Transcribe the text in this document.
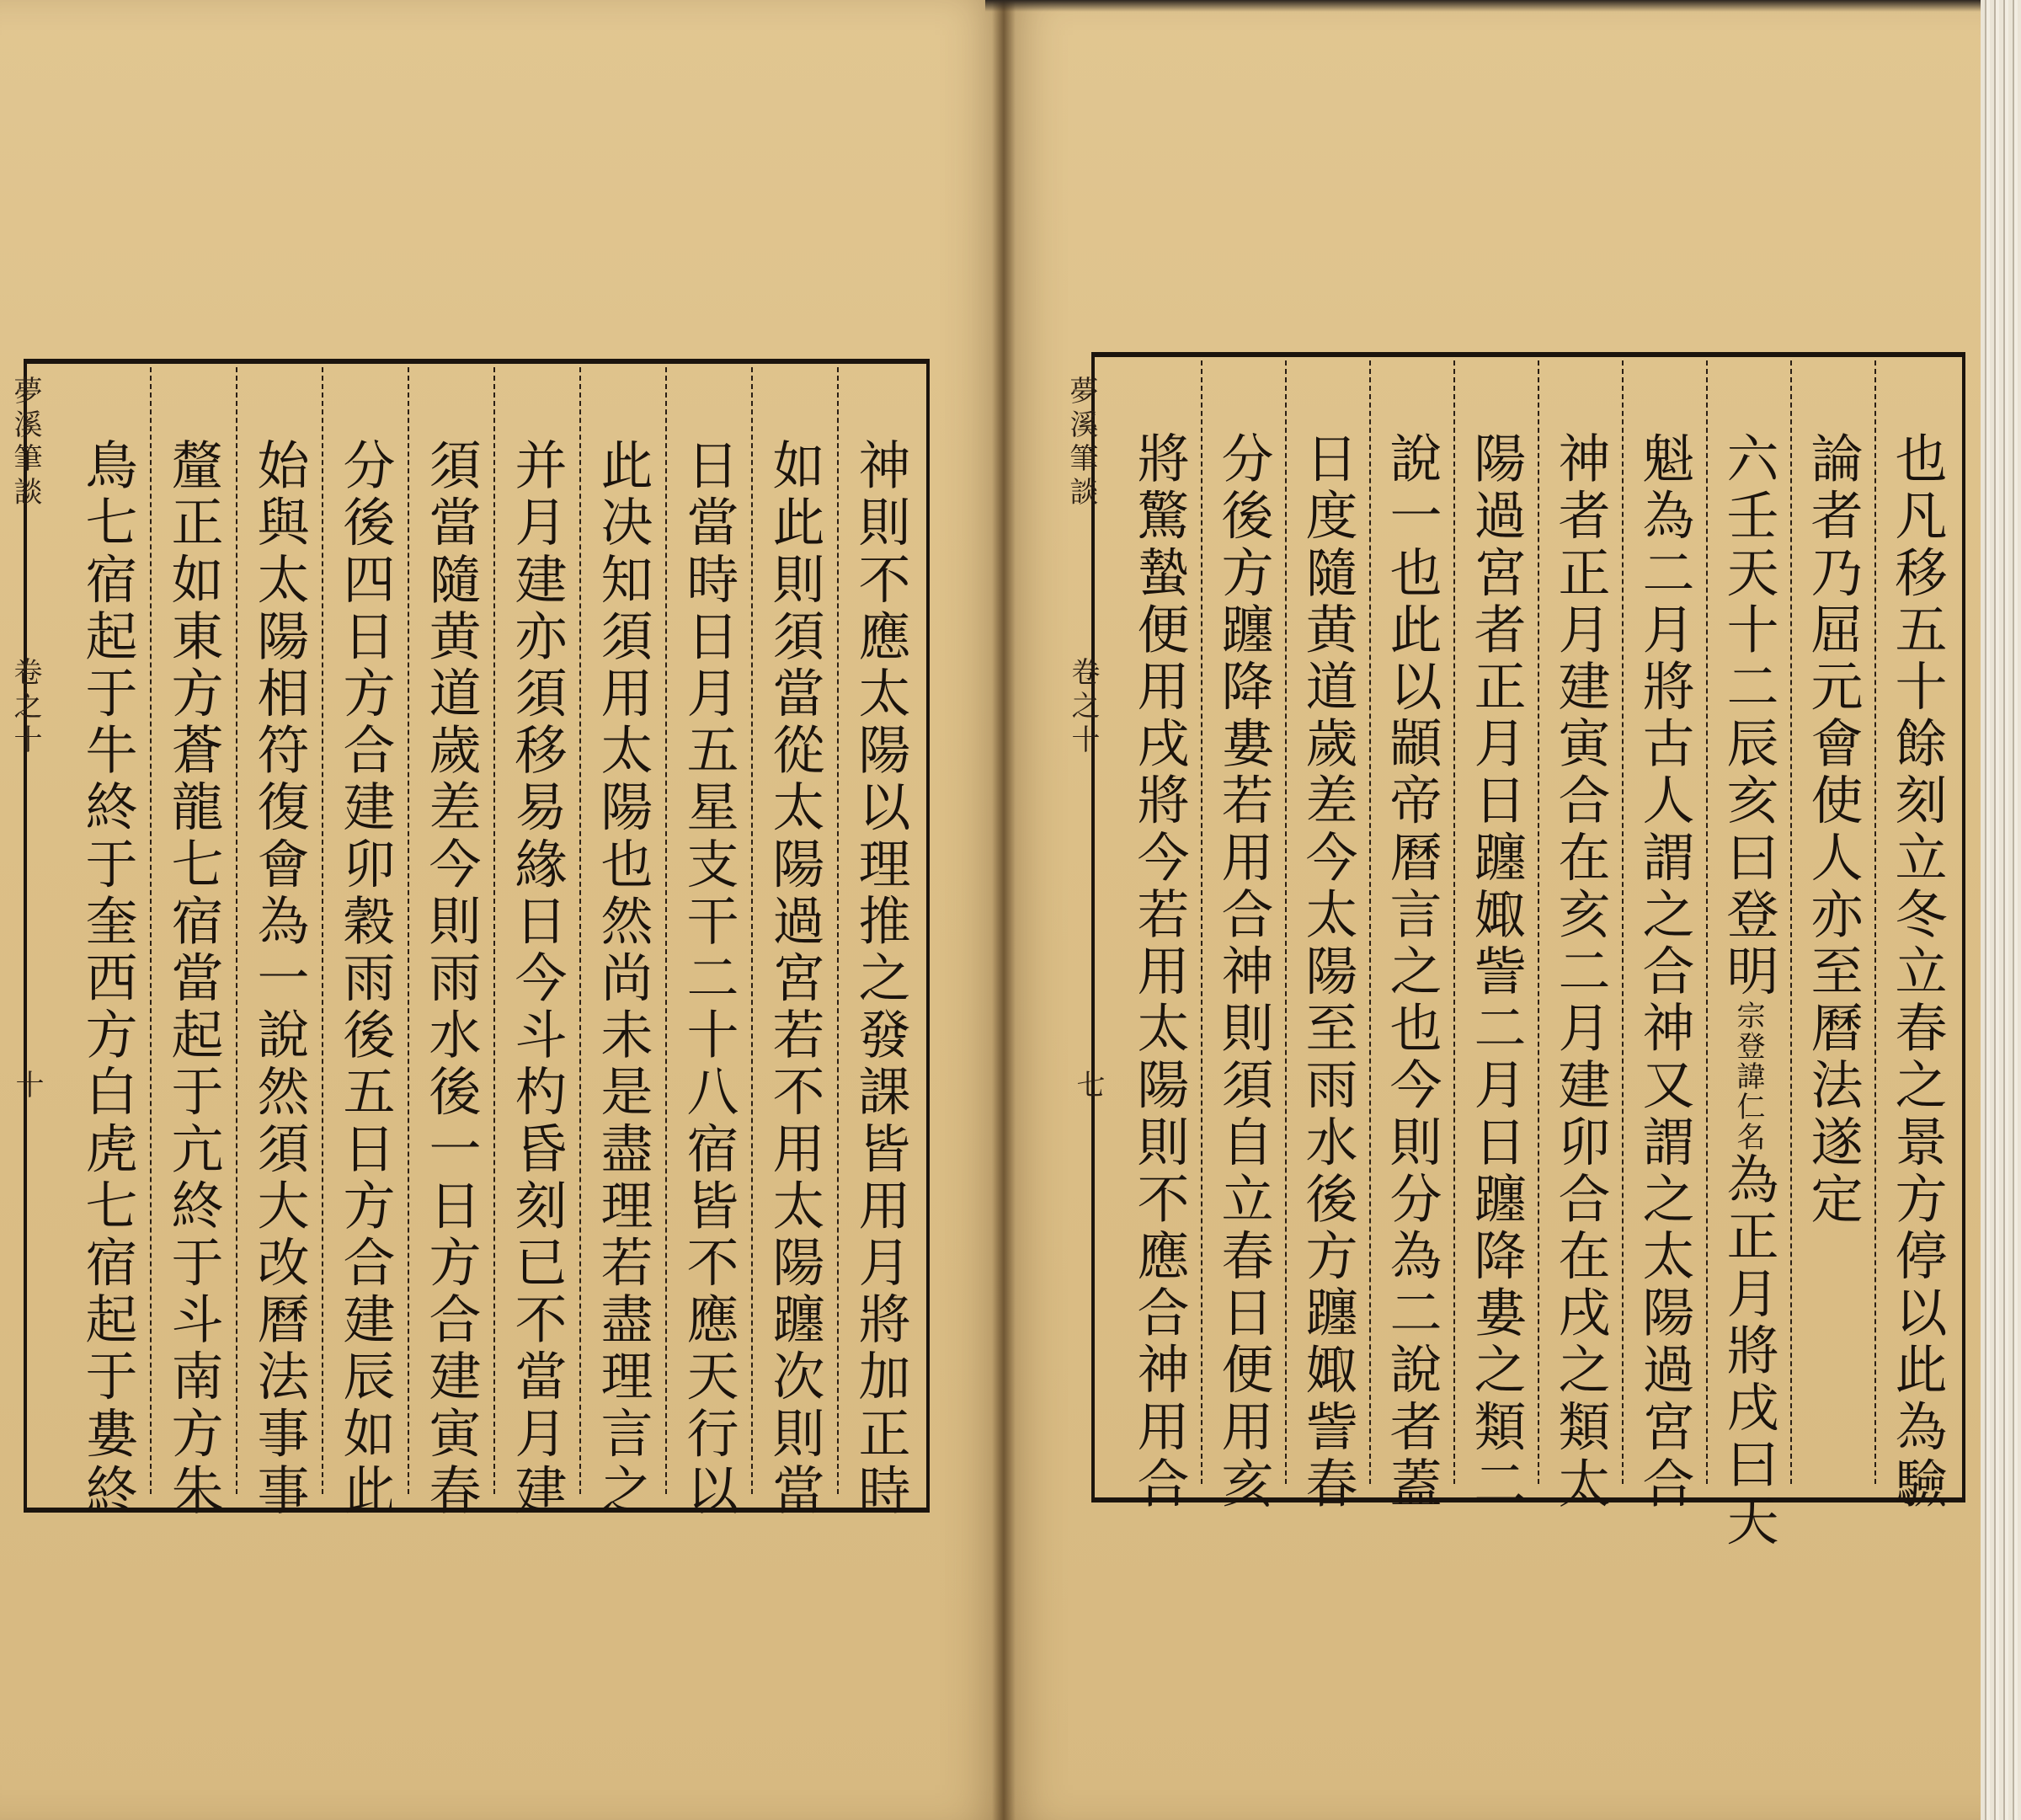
夢溪筆談
卷之十
十	神則不應太陽以理推之發課皆用月將加正時
如此則須當從太陽過宮若不用太陽躔次則當
日當時日月五星支干二十八宿皆不應天行以
此决知須用太陽也然尚未是盡理若盡理言之
并月建亦須移易緣日今斗杓昏刻已不當月建
須當隨黄道歲差今則雨水後一日方合建寅春
分後四日方合建卯穀雨後五日方合建辰如此
始與太陽相符復會為一說然須大改曆法事事
釐正如東方蒼龍七宿當起于亢終于斗南方朱
鳥七宿起于牛終于奎西方白虎七宿起于婁終	夢溪筆談
卷之十
七	也凡移五十餘刻立冬立春之景方停以此為驗
論者乃屈元會使人亦至曆法遂定
六壬天十二辰亥曰登明宗登諱仁名為正月將戌曰天
魁為二月將古人謂之合神又謂之太陽過宮合
神者正月建寅合在亥二月建卯合在戌之類太
陽過宮者正月日躔娵訾二月日躔降婁之類二
說一也此以顓帝曆言之也今則分為二說者蓋
日度隨黄道歲差今太陽至雨水後方躔娵訾春
分後方躔降婁若用合神則須自立春日便用亥
將驚蟄便用戌將今若用太陽則不應合神用合
